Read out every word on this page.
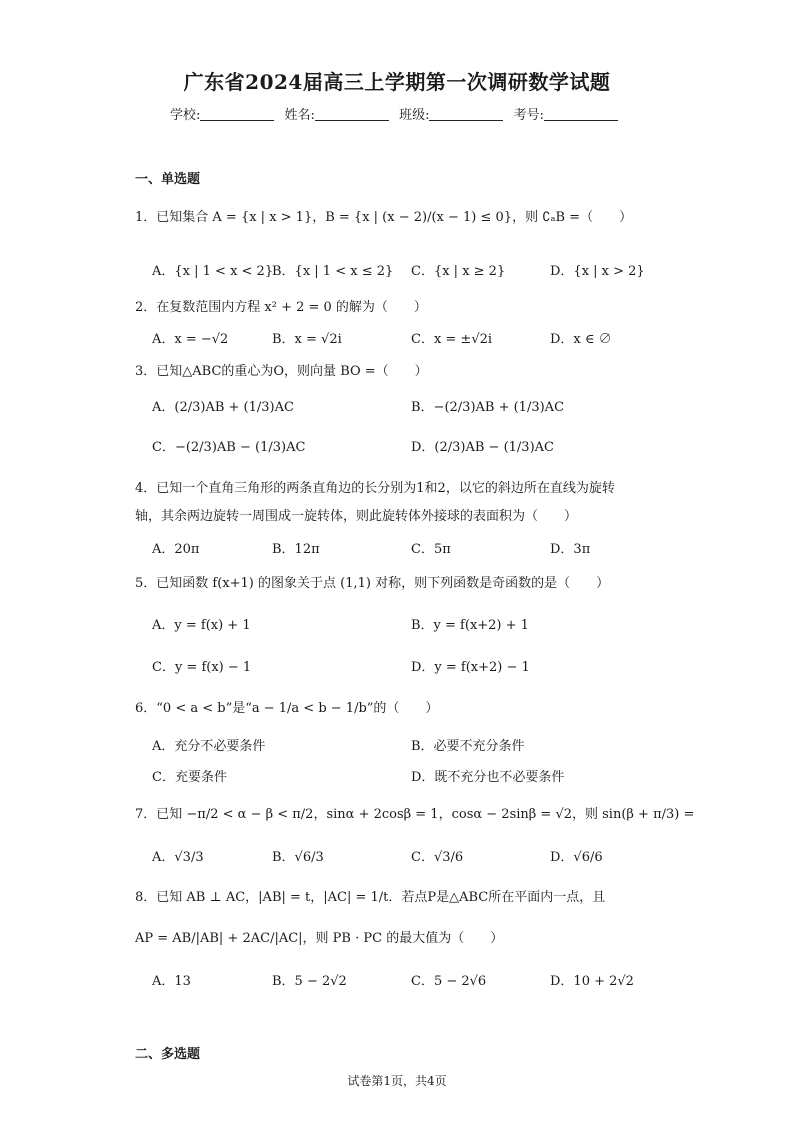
广东省2024届高三上学期第一次调研数学试题
学校:	姓名:	班级:	考号:
一、单选题
1．已知集合 A = {x | x > 1}，B = {x | (x − 2)/(x − 1) ≤ 0}，则 ∁ₐB =（　　）
A．{x | 1 < x < 2}
B．{x | 1 < x ≤ 2} C．{x | x ≥ 2}	D．{x | x > 2}
2．在复数范围内方程 x² + 2 = 0 的解为（　　）
A．x = −√2	B．x = √2i	C．x = ±√2i	D．x ∈ ∅
3．已知△ABC的重心为O，则向量 BO =（　　）
A．(2/3)AB + (1/3)AC	B．−(2/3)AB + (1/3)AC
C．−(2/3)AB − (1/3)AC	D．(2/3)AB − (1/3)AC
4．已知一个直角三角形的两条直角边的长分别为1和2，以它的斜边所在直线为旋转
轴，其余两边旋转一周围成一旋转体，则此旋转体外接球的表面积为（　　）
A．20π	B．12π	C．5π	D．3π
5．已知函数 f(x+1) 的图象关于点 (1,1) 对称，则下列函数是奇函数的是（　　）
A．y = f(x) + 1	B．y = f(x+2) + 1
C．y = f(x) − 1	D．y = f(x+2) − 1
6．“0 < a < b”是“a − 1/a < b − 1/b”的（　　）
A．充分不必要条件	B．必要不充分条件
C．充要条件	D．既不充分也不必要条件
7．已知 −π/2 < α − β < π/2，sinα + 2cosβ = 1，cosα − 2sinβ = √2，则 sin(β + π/3) =
A．√3/3	B．√6/3	C．√3/6	D．√6/6
8．已知 AB ⊥ AC，|AB| = t，|AC| = 1/t．若点P是△ABC所在平面内一点，且
AP = AB/|AB| + 2AC/|AC|，则 PB · PC 的最大值为（　　）
A．13	B．5 − 2√2	C．5 − 2√6	D．10 + 2√2
二、多选题
试卷第1页，共4页
